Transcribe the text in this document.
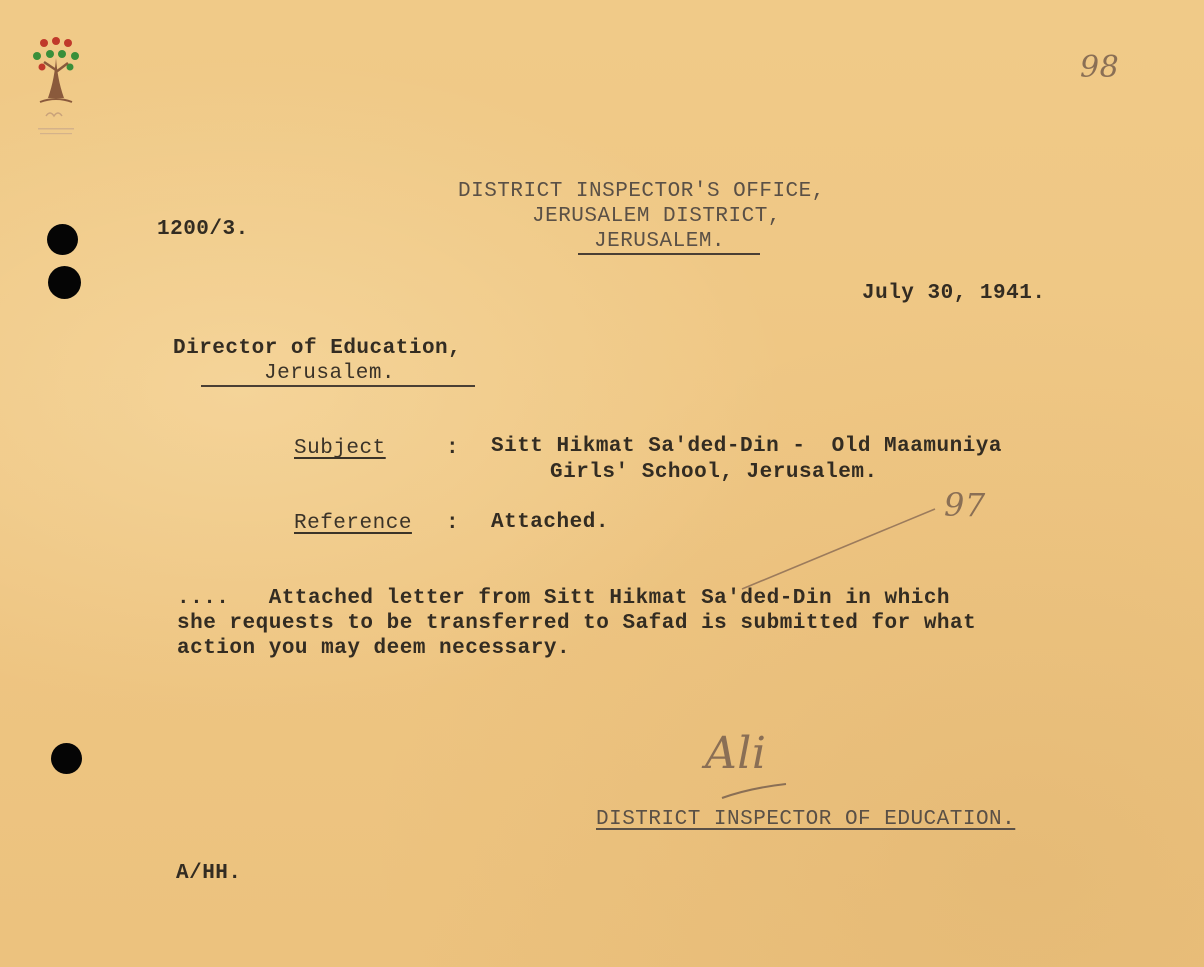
98
DISTRICT INSPECTOR'S OFFICE,
JERUSALEM DISTRICT,
JERUSALEM.
1200/3.
July 30, 1941.
Director of Education,
Jerusalem.
Subject	: Sitt Hikmat Sa'ded-Din -  Old Maamuniya
Girls' School, Jerusalem.
Reference : Attached.	97
....   Attached letter from Sitt Hikmat Sa'ded-Din in which
she requests to be transferred to Safad is submitted for what
action you may deem necessary.
Ali
DISTRICT INSPECTOR OF EDUCATION.
A/HH.
